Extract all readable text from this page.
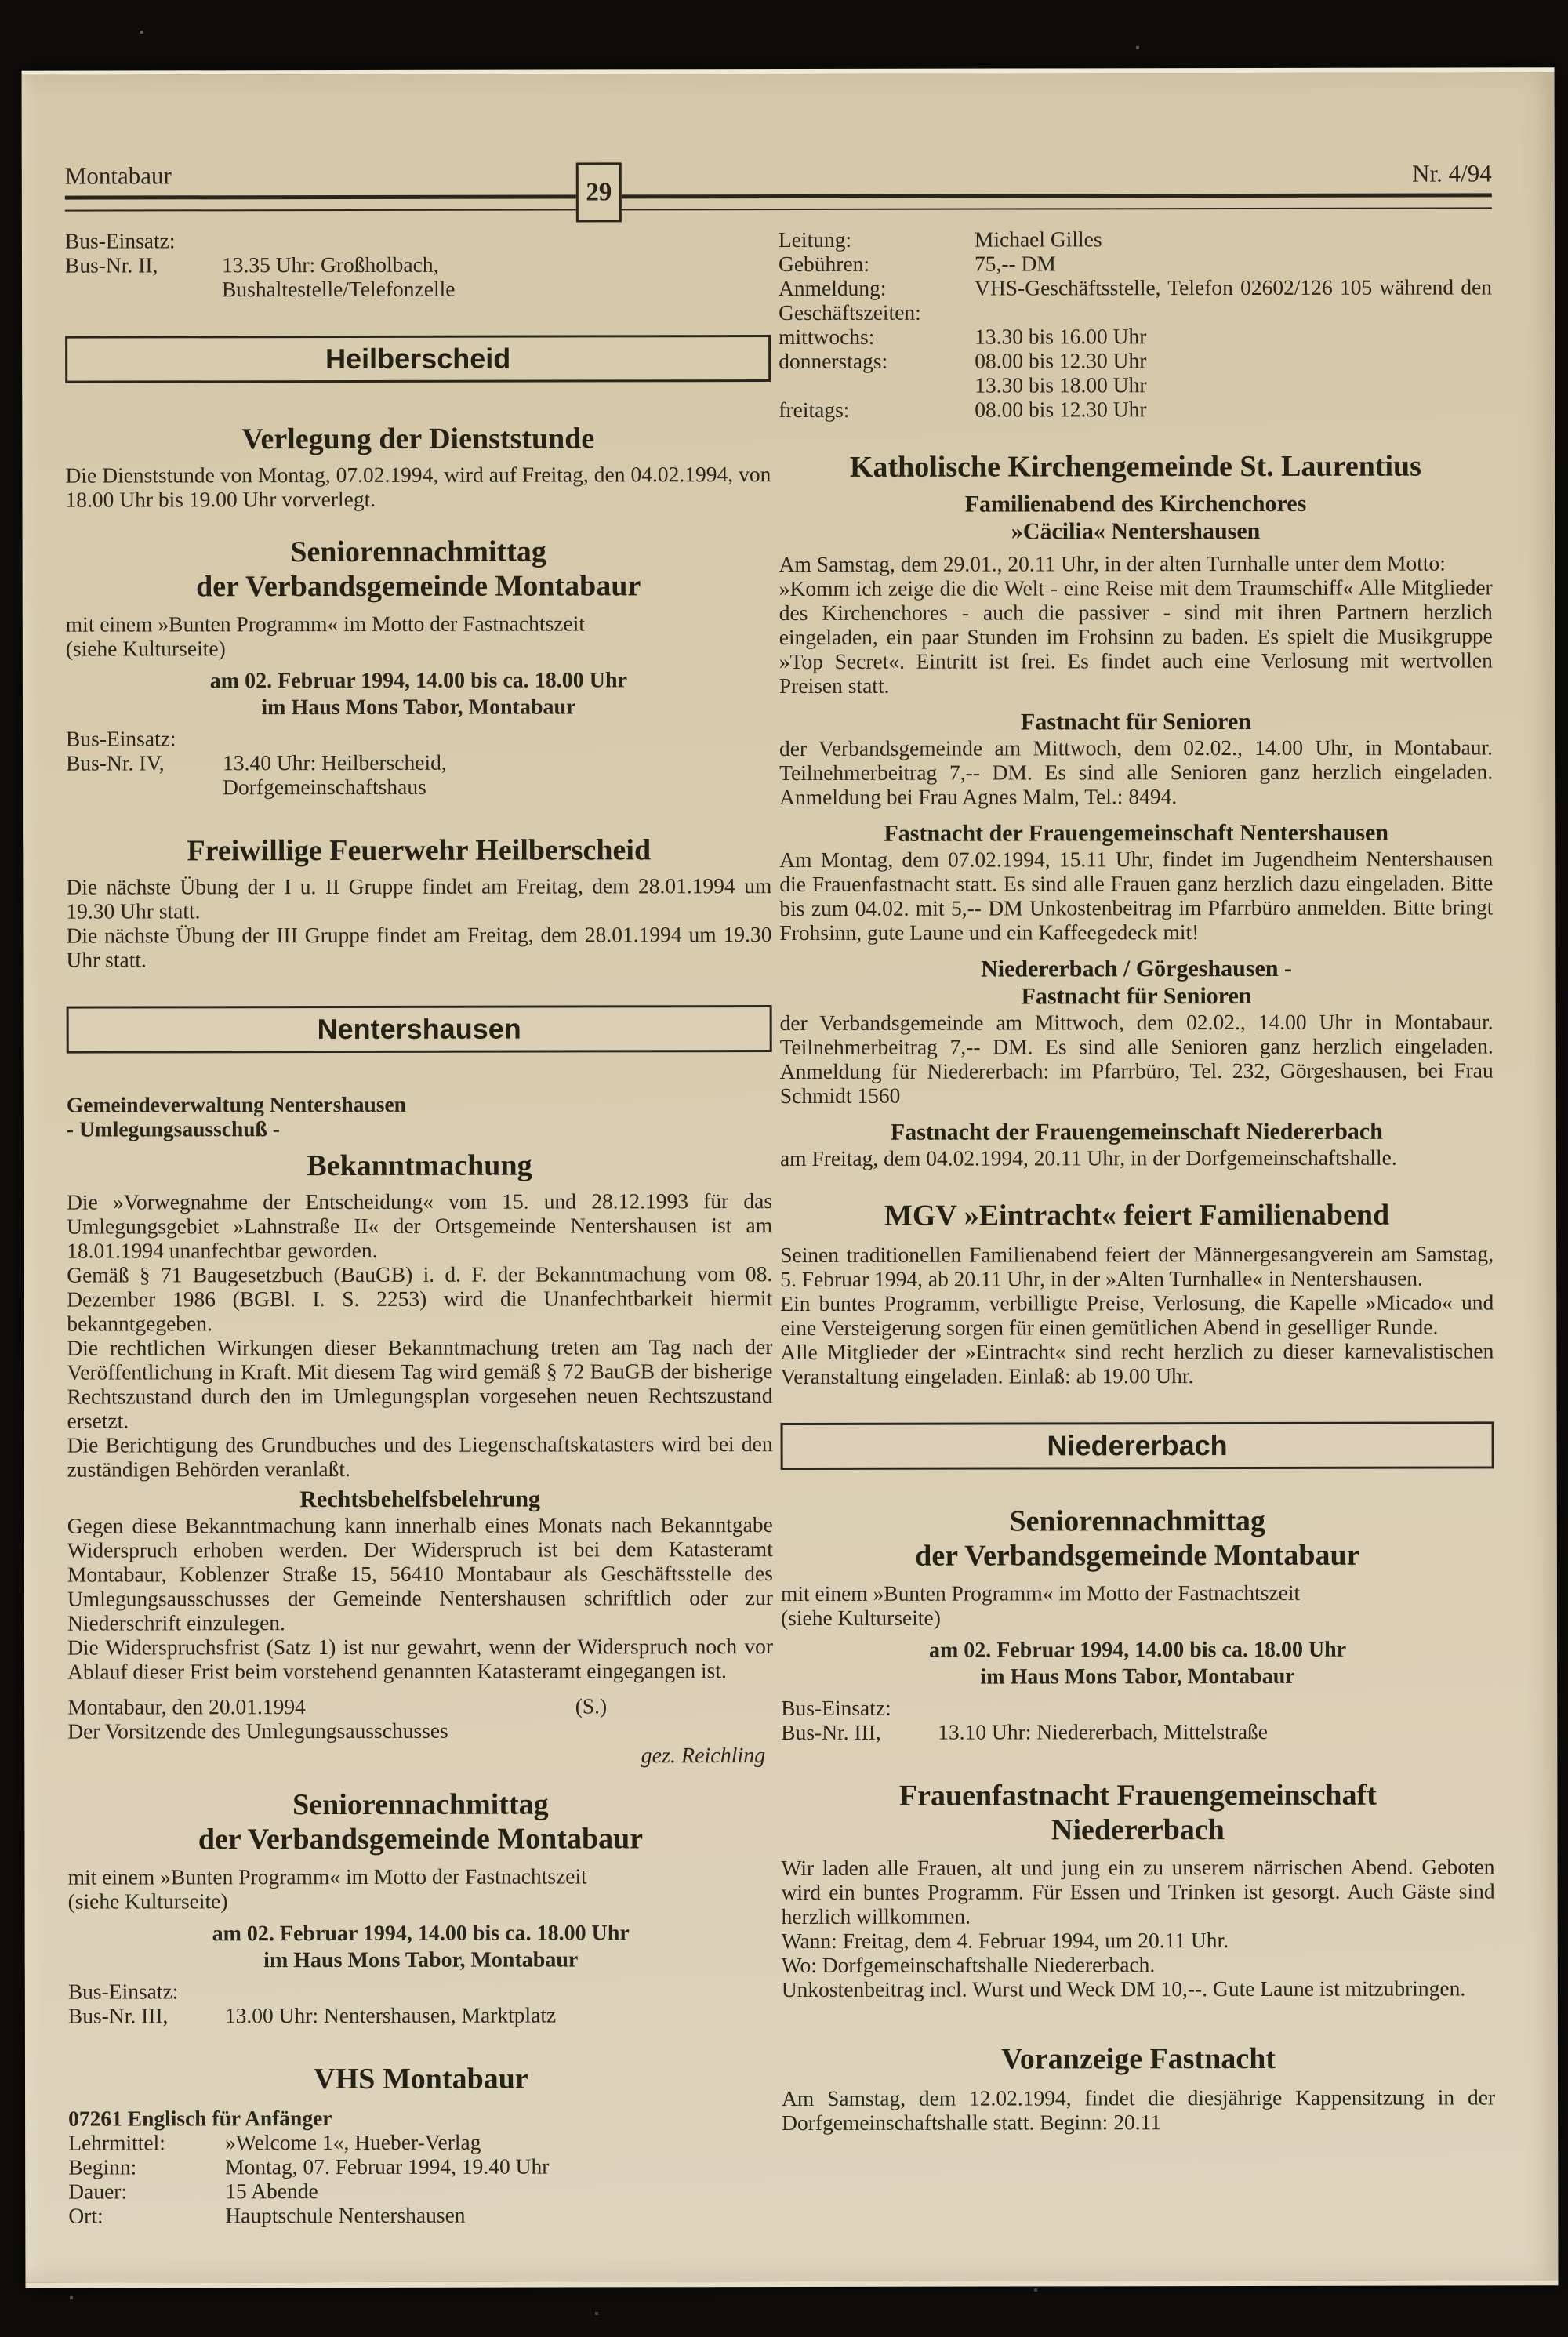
Montabaur	Nr. 4/94
29

Bus-Einsatz:

Bus-Nr. II,	13.35 Uhr: Großholbach,
Bushaltestelle/Telefonzelle
Heilberscheid
Verlegung der Dienststunde

Die Dienststunde von Montag, 07.02.1994, wird auf Freitag, den 04.02.1994, von 18.00 Uhr bis 19.00 Uhr vorverlegt.

Seniorennachmittag
der Verbandsgemeinde Montabaur

mit einem »Bunten Programm« im Motto der Fastnachtszeit

(siehe Kulturseite)

am 02. Februar 1994, 14.00 bis ca. 18.00 Uhr

im Haus Mons Tabor, Montabaur

Bus-Einsatz:

Bus-Nr. IV,	13.40 Uhr: Heilberscheid,
Dorfgemeinschaftshaus
Freiwillige Feuerwehr Heilberscheid

Die nächste Übung der I u. II Gruppe findet am Freitag, dem 28.01.1994 um 19.30 Uhr statt.

Die nächste Übung der III Gruppe findet am Freitag, dem 28.01.1994 um 19.30 Uhr statt.

Nentershausen

Gemeindeverwaltung Nentershausen

- Umlegungsausschuß -

Bekanntmachung

Die »Vorwegnahme der Entscheidung« vom 15. und 28.12.1993 für das Umlegungsgebiet »Lahnstraße II« der Ortsgemeinde Nentershausen ist am 18.01.1994 unanfechtbar geworden.

Gemäß § 71 Baugesetzbuch (BauGB) i. d. F. der Bekanntmachung vom 08. Dezember 1986 (BGBl. I. S. 2253) wird die Unanfechtbarkeit hiermit bekanntgegeben.

Die rechtlichen Wirkungen dieser Bekanntmachung treten am Tag nach der Veröffentlichung in Kraft. Mit diesem Tag wird gemäß § 72 BauGB der bisherige Rechtszustand durch den im Umlegungsplan vorgesehen neuen Rechtszustand ersetzt.

Die Berichtigung des Grundbuches und des Liegenschaftskatasters wird bei den zuständigen Behörden veranlaßt.

Rechtsbehelfsbelehrung

Gegen diese Bekanntmachung kann innerhalb eines Monats nach Bekanntgabe Widerspruch erhoben werden. Der Widerspruch ist bei dem Katasteramt Montabaur, Koblenzer Straße 15, 56410 Montabaur als Geschäftsstelle des Umlegungsausschusses der Gemeinde Nentershausen schriftlich oder zur Niederschrift einzulegen.

Die Widerspruchsfrist (Satz 1) ist nur gewahrt, wenn der Widerspruch noch vor Ablauf dieser Frist beim vorstehend genannten Katasteramt eingegangen ist.

Montabaur, den 20.01.1994	(S.)

Der Vorsitzende des Umlegungsausschusses

gez. Reichling

Seniorennachmittag
der Verbandsgemeinde Montabaur

mit einem »Bunten Programm« im Motto der Fastnachtszeit

(siehe Kulturseite)

am 02. Februar 1994, 14.00 bis ca. 18.00 Uhr

im Haus Mons Tabor, Montabaur

Bus-Einsatz:

Bus-Nr. III,	13.00 Uhr: Nentershausen, Marktplatz
VHS Montabaur

07261 Englisch für Anfänger

Lehrmittel:	»Welcome 1«, Hueber-Verlag
Beginn:	Montag, 07. Februar 1994, 19.40 Uhr
Dauer:	15 Abende
Ort:	Hauptschule Nentershausen
Leitung:	Michael Gilles
Gebühren:	75,-- DM

Anmeldung:	VHS-Geschäftsstelle, Telefon 02602/126 105 während den Geschäftszeiten:

mittwochs:	13.30 bis 16.00 Uhr
donnerstags:	08.00 bis 12.30 Uhr
13.30 bis 18.00 Uhr
freitags:	08.00 bis 12.30 Uhr
Katholische Kirchengemeinde St. Laurentius
Familienabend des Kirchenchores
»Cäcilia« Nentershausen

Am Samstag, dem 29.01., 20.11 Uhr, in der alten Turnhalle unter dem Motto:

»Komm ich zeige die die Welt - eine Reise mit dem Traumschiff« Alle Mitglieder des Kirchenchores - auch die passiver - sind mit ihren Partnern herzlich eingeladen, ein paar Stunden im Frohsinn zu baden. Es spielt die Musikgruppe »Top Secret«. Eintritt ist frei. Es findet auch eine Verlosung mit wertvollen Preisen statt.

Fastnacht für Senioren

der Verbandsgemeinde am Mittwoch, dem 02.02., 14.00 Uhr, in Montabaur. Teilnehmerbeitrag 7,-- DM. Es sind alle Senioren ganz herzlich eingeladen. Anmeldung bei Frau Agnes Malm, Tel.: 8494.

Fastnacht der Frauengemeinschaft Nentershausen

Am Montag, dem 07.02.1994, 15.11 Uhr, findet im Jugendheim Nentershausen die Frauenfastnacht statt. Es sind alle Frauen ganz herzlich dazu eingeladen. Bitte bis zum 04.02. mit 5,-- DM Unkostenbeitrag im Pfarrbüro anmelden. Bitte bringt Frohsinn, gute Laune und ein Kaffeegedeck mit!

Niedererbach / Görgeshausen -
Fastnacht für Senioren

der Verbandsgemeinde am Mittwoch, dem 02.02., 14.00 Uhr in Montabaur. Teilnehmerbeitrag 7,-- DM. Es sind alle Senioren ganz herzlich eingeladen. Anmeldung für Niedererbach: im Pfarrbüro, Tel. 232, Görgeshausen, bei Frau Schmidt 1560

Fastnacht der Frauengemeinschaft Niedererbach

am Freitag, dem 04.02.1994, 20.11 Uhr, in der Dorfgemeinschaftshalle.

MGV »Eintracht« feiert Familienabend

Seinen traditionellen Familienabend feiert der Männergesangverein am Samstag, 5. Februar 1994, ab 20.11 Uhr, in der »Alten Turnhalle« in Nentershausen.

Ein buntes Programm, verbilligte Preise, Verlosung, die Kapelle »Micado« und eine Versteigerung sorgen für einen gemütlichen Abend in geselliger Runde.

Alle Mitglieder der »Eintracht« sind recht herzlich zu dieser karnevalistischen Veranstaltung eingeladen. Einlaß: ab 19.00 Uhr.

Niedererbach
Seniorennachmittag
der Verbandsgemeinde Montabaur

mit einem »Bunten Programm« im Motto der Fastnachtszeit

(siehe Kulturseite)

am 02. Februar 1994, 14.00 bis ca. 18.00 Uhr

im Haus Mons Tabor, Montabaur

Bus-Einsatz:

Bus-Nr. III,	13.10 Uhr: Niedererbach, Mittelstraße
Frauenfastnacht Frauengemeinschaft
Niedererbach

Wir laden alle Frauen, alt und jung ein zu unserem närrischen Abend. Geboten wird ein buntes Programm. Für Essen und Trinken ist gesorgt. Auch Gäste sind herzlich willkommen.

Wann: Freitag, dem 4. Februar 1994, um 20.11 Uhr.

Wo: Dorfgemeinschaftshalle Niedererbach.

Unkostenbeitrag incl. Wurst und Weck DM 10,--. Gute Laune ist mitzubringen.

Voranzeige Fastnacht

Am Samstag, dem 12.02.1994, findet die diesjährige Kappensitzung in der Dorfgemeinschaftshalle statt. Beginn: 20.11
